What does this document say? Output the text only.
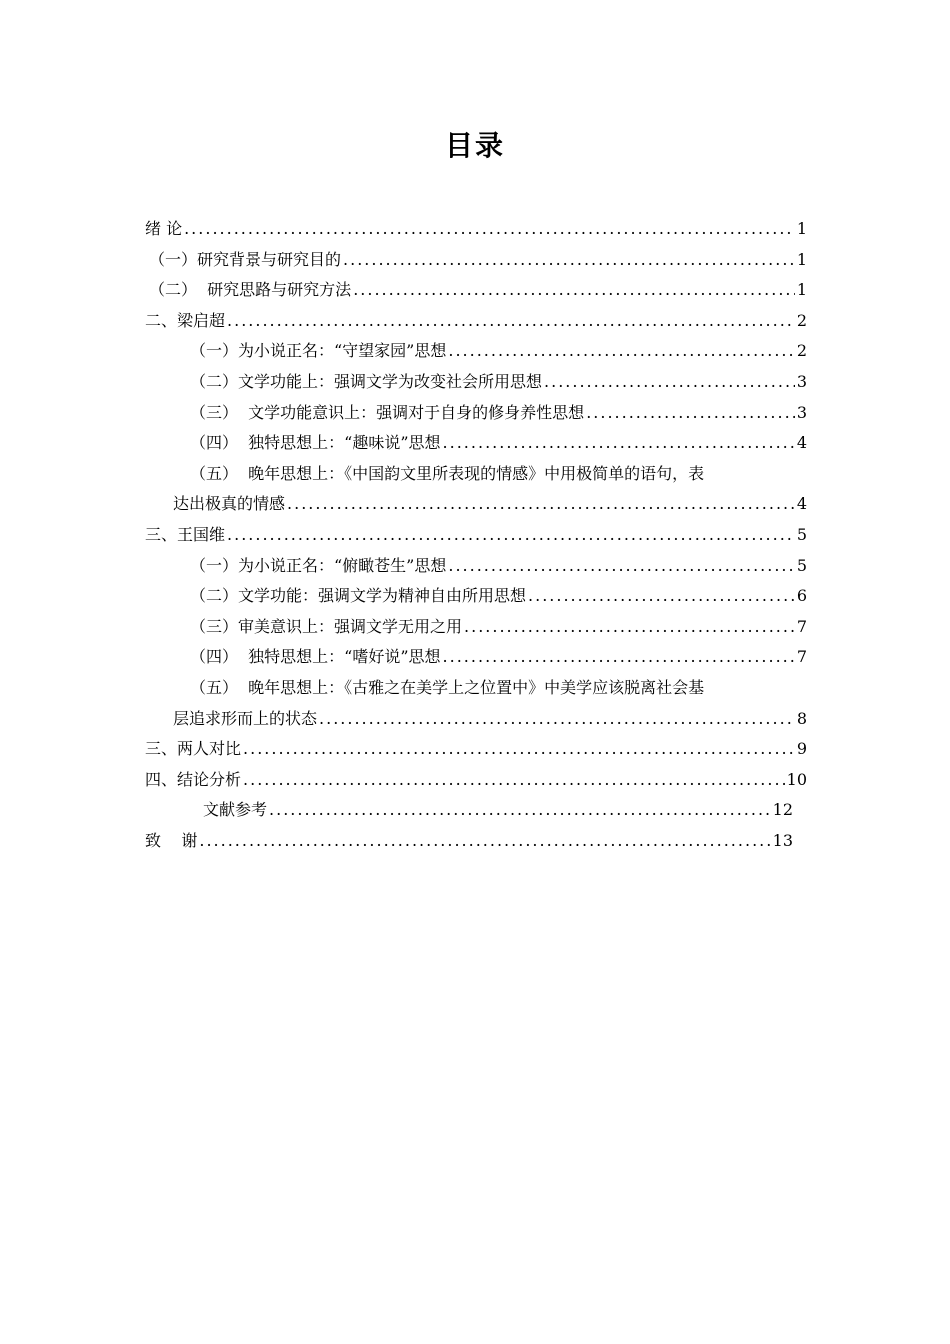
目录
绪 论 .....	1
（一）研究背景与研究目的 .....	1
（二）  研究思路与研究方法 .....	1
二、梁启超 .....	2
（一）为小说正名：“守望家园”思想 .....	2
（二）文学功能上：强调文学为改变社会所用思想 .....	3
（三）  文学功能意识上：强调对于自身的修身养性思想 .....	3
（四）  独特思想上：“趣味说”思想 .....	4
（五）  晚年思想上：《中国韵文里所表现的情感》中用极简单的语句，表
达出极真的情感 .....	4
三、王国维 .....	5
（一）为小说正名：“俯瞰苍生”思想 .....	5
（二）文学功能：强调文学为精神自由所用思想 .....	6
（三）审美意识上：强调文学无用之用 .....	7
（四）  独特思想上：“嗜好说”思想 .....	7
（五）  晚年思想上：《古雅之在美学上之位置中》中美学应该脱离社会基
层追求形而上的状态 .....	8
三、两人对比 .....	9
四、结论分析 .....	10
文献参考 .....	12
致    谢 .....	13
